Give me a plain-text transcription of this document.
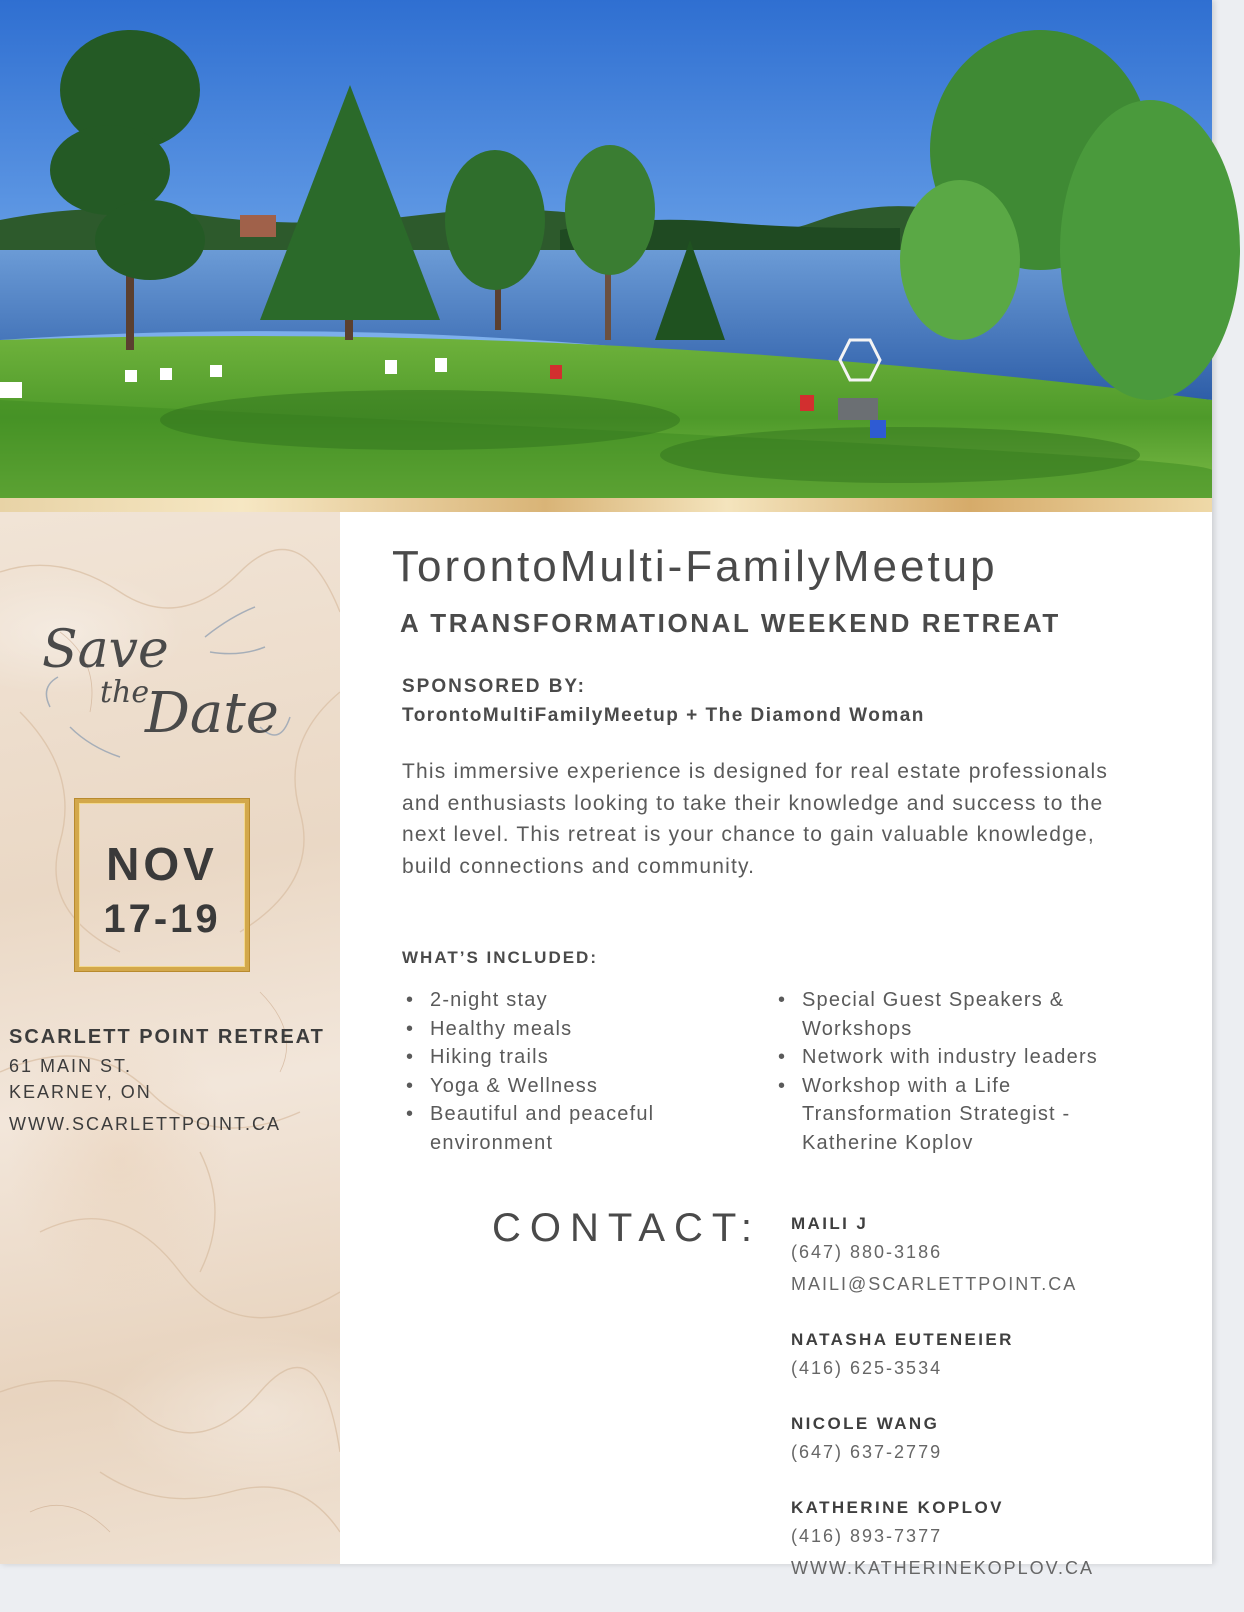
Save
the
Date
NOV
17-19
SCARLETT POINT RETREAT
61 MAIN ST.
KEARNEY, ON
WWW.SCARLETTPOINT.CA
TorontoMulti-FamilyMeetup
A TRANSFORMATIONAL WEEKEND RETREAT
SPONSORED BY:
TorontoMultiFamilyMeetup + The Diamond Woman
This immersive experience is designed for real estate professionals and enthusiasts looking to take their knowledge and success to the next level. This retreat is your chance to gain valuable knowledge, build connections and community.
WHAT’S INCLUDED:
• 2-night stay
• Healthy meals
• Hiking trails
• Yoga & Wellness
• Beautiful and peaceful environment
• Special Guest Speakers & Workshops
• Network with industry leaders
• Workshop with a Life Transformation Strategist - Katherine Koplov
CONTACT: MAILI J
(647) 880-3186
MAILI@SCARLETTPOINT.CA
NATASHA EUTENEIER
(416) 625-3534
NICOLE WANG
(647) 637-2779
KATHERINE KOPLOV
(416) 893-7377
WWW.KATHERINEKOPLOV.CA
